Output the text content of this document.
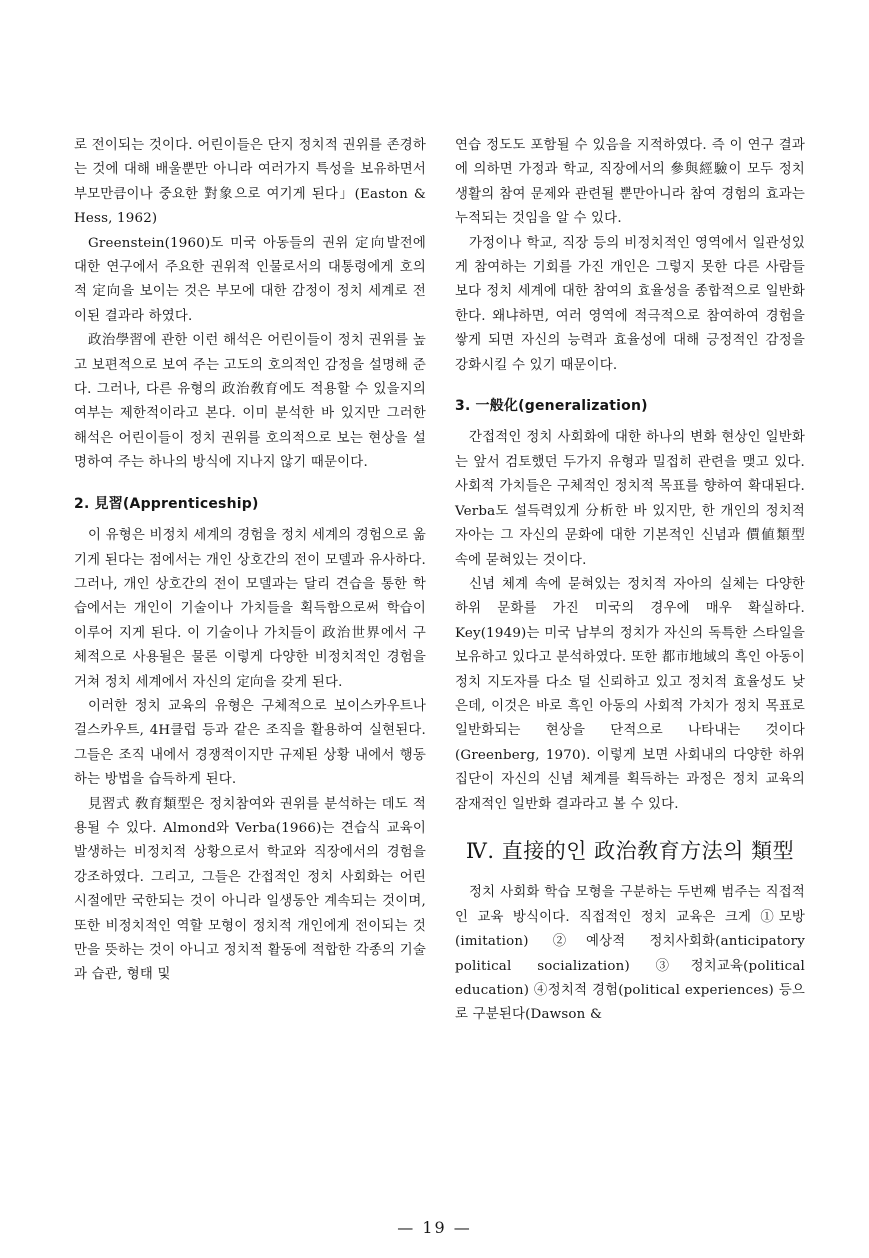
로 전이되는 것이다. 어린이들은 단지 정치적 권위를 존경하는 것에 대해 배울뿐만 아니라 여러가지 특성을 보유하면서 부모만큼이나 중요한 對象으로 여기게 된다」(Easton & Hess, 1962)

Greenstein(1960)도 미국 아동들의 권위 定向발전에 대한 연구에서 주요한 권위적 인물로서의 대통령에게 호의적 定向을 보이는 것은 부모에 대한 감정이 정치 세계로 전이된 결과라 하였다.

政治學習에 관한 이런 해석은 어린이들이 정치 권위를 높고 보편적으로 보여 주는 고도의 호의적인 감정을 설명해 준다. 그러나, 다른 유형의 政治敎育에도 적용할 수 있을지의 여부는 제한적이라고 본다. 이미 분석한 바 있지만 그러한 해석은 어린이들이 정치 권위를 호의적으로 보는 현상을 설명하여 주는 하나의 방식에 지나지 않기 때문이다.

2. 見習(Apprenticeship)

이 유형은 비정치 세계의 경험을 정치 세계의 경험으로 옮기게 된다는 점에서는 개인 상호간의 전이 모델과 유사하다. 그러나, 개인 상호간의 전이 모델과는 달리 견습을 통한 학습에서는 개인이 기술이나 가치들을 획득함으로써 학습이 이루어 지게 된다. 이 기술이나 가치들이 政治世界에서 구체적으로 사용될은 물론 이렇게 다양한 비정치적인 경험을 거쳐 정치 세계에서 자신의 定向을 갖게 된다.

이러한 정치 교육의 유형은 구체적으로 보이스카우트나 걸스카우트, 4H클럽 등과 같은 조직을 활용하여 실현된다. 그들은 조직 내에서 경쟁적이지만 규제된 상황 내에서 행동하는 방법을 습득하게 된다.

見習式 敎育類型은 정치참여와 권위를 분석하는 데도 적용될 수 있다. Almond와 Verba(1966)는 견습식 교육이 발생하는 비정치적 상황으로서 학교와 직장에서의 경험을 강조하였다. 그리고, 그들은 간접적인 정치 사회화는 어린 시절에만 국한되는 것이 아니라 일생동안 계속되는 것이며, 또한 비정치적인 역할 모형이 정치적 개인에게 전이되는 것만을 뜻하는 것이 아니고 정치적 활동에 적합한 각종의 기술과 습관, 형태 및

연습 정도도 포함될 수 있음을 지적하였다. 즉 이 연구 결과에 의하면 가정과 학교, 직장에서의 參與經驗이 모두 정치 생활의 참여 문제와 관련될 뿐만아니라 참여 경험의 효과는 누적되는 것임을 알 수 있다.

가정이나 학교, 직장 등의 비정치적인 영역에서 일관성있게 참여하는 기회를 가진 개인은 그렇지 못한 다른 사람들 보다 정치 세계에 대한 참여의 효율성을 종합적으로 일반화한다. 왜냐하면, 여러 영역에 적극적으로 참여하여 경험을 쌓게 되면 자신의 능력과 효율성에 대해 긍정적인 감정을 강화시킬 수 있기 때문이다.

3. 一般化(generalization)

간접적인 정치 사회화에 대한 하나의 변화 현상인 일반화는 앞서 검토했던 두가지 유형과 밀접히 관련을 맺고 있다. 사회적 가치들은 구체적인 정치적 목표를 향하여 확대된다. Verba도 설득력있게 分析한 바 있지만, 한 개인의 정치적 자아는 그 자신의 문화에 대한 기본적인 신념과 價値類型 속에 묻혀있는 것이다.

신념 체계 속에 묻혀있는 정치적 자아의 실체는 다양한 하위 문화를 가진 미국의 경우에 매우 확실하다. Key(1949)는 미국 남부의 정치가 자신의 독특한 스타일을 보유하고 있다고 분석하였다. 또한 都市地域의 흑인 아동이 정치 지도자를 다소 덜 신뢰하고 있고 정치적 효율성도 낮은데, 이것은 바로 흑인 아동의 사회적 가치가 정치 목표로 일반화되는 현상을 단적으로 나타내는 것이다(Greenberg, 1970). 이렇게 보면 사회내의 다양한 하위 집단이 자신의 신념 체계를 획득하는 과정은 정치 교육의 잠재적인 일반화 결과라고 볼 수 있다.

Ⅳ. 直接的인 政治敎育方法의 類型

정치 사회화 학습 모형을 구분하는 두번째 범주는 직접적인 교육 방식이다. 직접적인 정치 교육은 크게 ①모방(imitation) ②예상적 정치사회화(anticipatory political socialization) ③정치교육(political education) ④정치적 경험(political experiences) 등으로 구분된다(Dawson &

— 19 —
